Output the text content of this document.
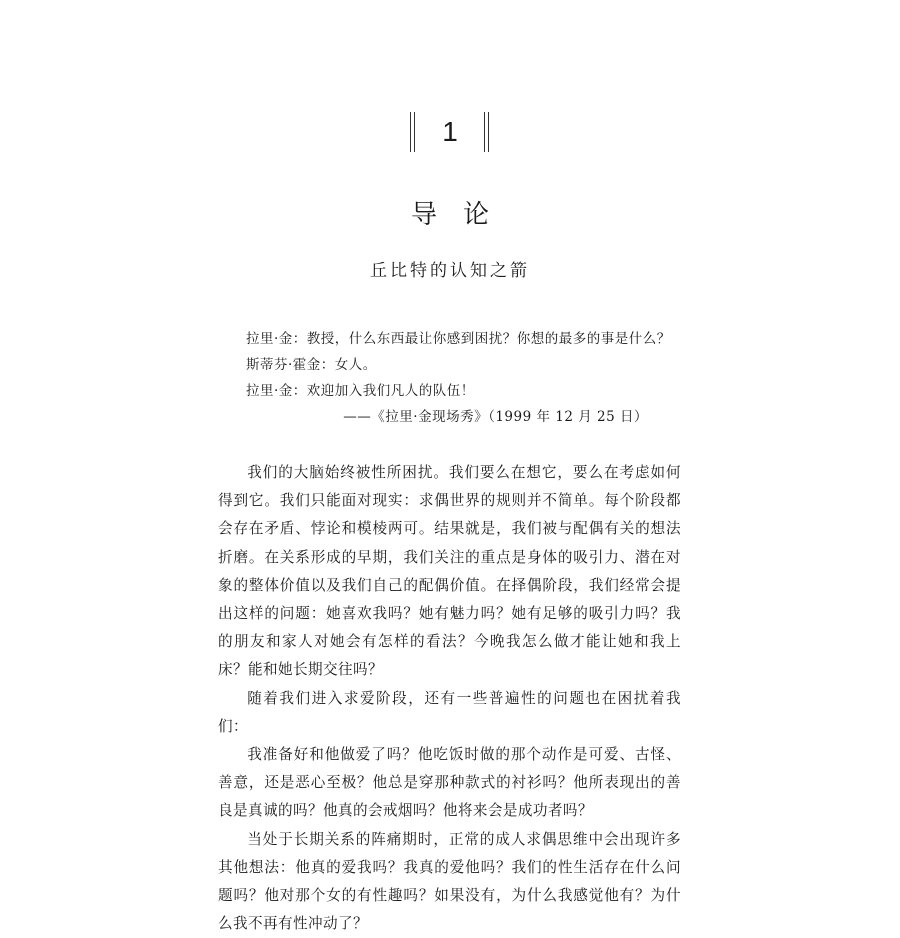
1
导论
丘比特的认知之箭
拉里·金：教授，什么东西最让你感到困扰？你想的最多的事是什么？
斯蒂芬·霍金：女人。
拉里·金：欢迎加入我们凡人的队伍！
——《拉里·金现场秀》（1999 年 12 月 25 日）

我们的大脑始终被性所困扰。我们要么在想它，要么在考虑如何得到它。我们只能面对现实：求偶世界的规则并不简单。每个阶段都会存在矛盾、悖论和模棱两可。结果就是，我们被与配偶有关的想法折磨。在关系形成的早期，我们关注的重点是身体的吸引力、潜在对象的整体价值以及我们自己的配偶价值。在择偶阶段，我们经常会提出这样的问题：她喜欢我吗？她有魅力吗？她有足够的吸引力吗？我的朋友和家人对她会有怎样的看法？今晚我怎么做才能让她和我上床？能和她长期交往吗？

随着我们进入求爱阶段，还有一些普遍性的问题也在困扰着我们：

我准备好和他做爱了吗？他吃饭时做的那个动作是可爱、古怪、善意，还是恶心至极？他总是穿那种款式的衬衫吗？他所表现出的善良是真诚的吗？他真的会戒烟吗？他将来会是成功者吗？

当处于长期关系的阵痛期时，正常的成人求偶思维中会出现许多其他想法：他真的爱我吗？我真的爱他吗？我们的性生活存在什么问题吗？他对那个女的有性趣吗？如果没有，为什么我感觉他有？为什么我不再有性冲动了？
